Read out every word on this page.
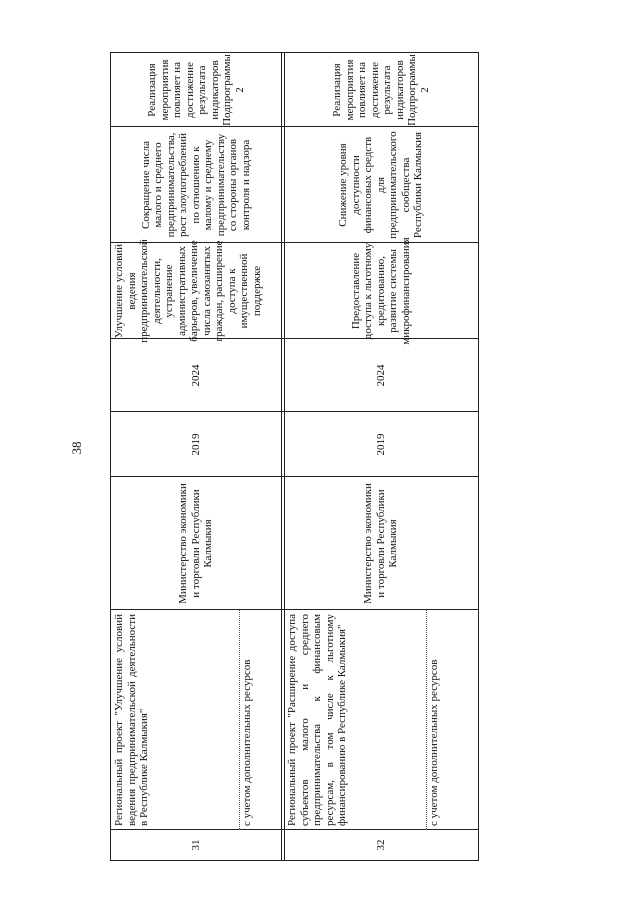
38
31
Региональный проект "Улучшение условий ведения предпринимательской деятельности в Республике Калмыкия"	с учетом дополнительных ресурсов
Министерство экономики и торговли Республики Калмыкия
2019
2024
Улучшение условий ведения предпринимательской деятельности, устранение административных барьеров, увеличение числа самозанятых граждан, расширение доступа к имущественной поддержке
Сокращение числа малого и среднего предпринимательства, рост злоупотреблений по отношению к малому и среднему предпринимательству со стороны органов контроля и надзора
Реализация мероприятия повлияет на достижение результата индикаторов Подпрограммы 2
32
Региональный проект "Расширение доступа субъектов малого и среднего предпринимательства к финансовым ресурсам, в том числе к льготному финансированию в Республике Калмыкия"	с учетом дополнительных ресурсов
Министерство экономики и торговли Республики Калмыкия
2019
2024
Предоставление доступа к льготному кредитованию, развитие системы микрофинансирования
Снижение уровня доступности финансовых средств для предпринимательского сообщества Республики Калмыкия
Реализация мероприятия повлияет на достижение результата индикаторов Подпрограммы 2
